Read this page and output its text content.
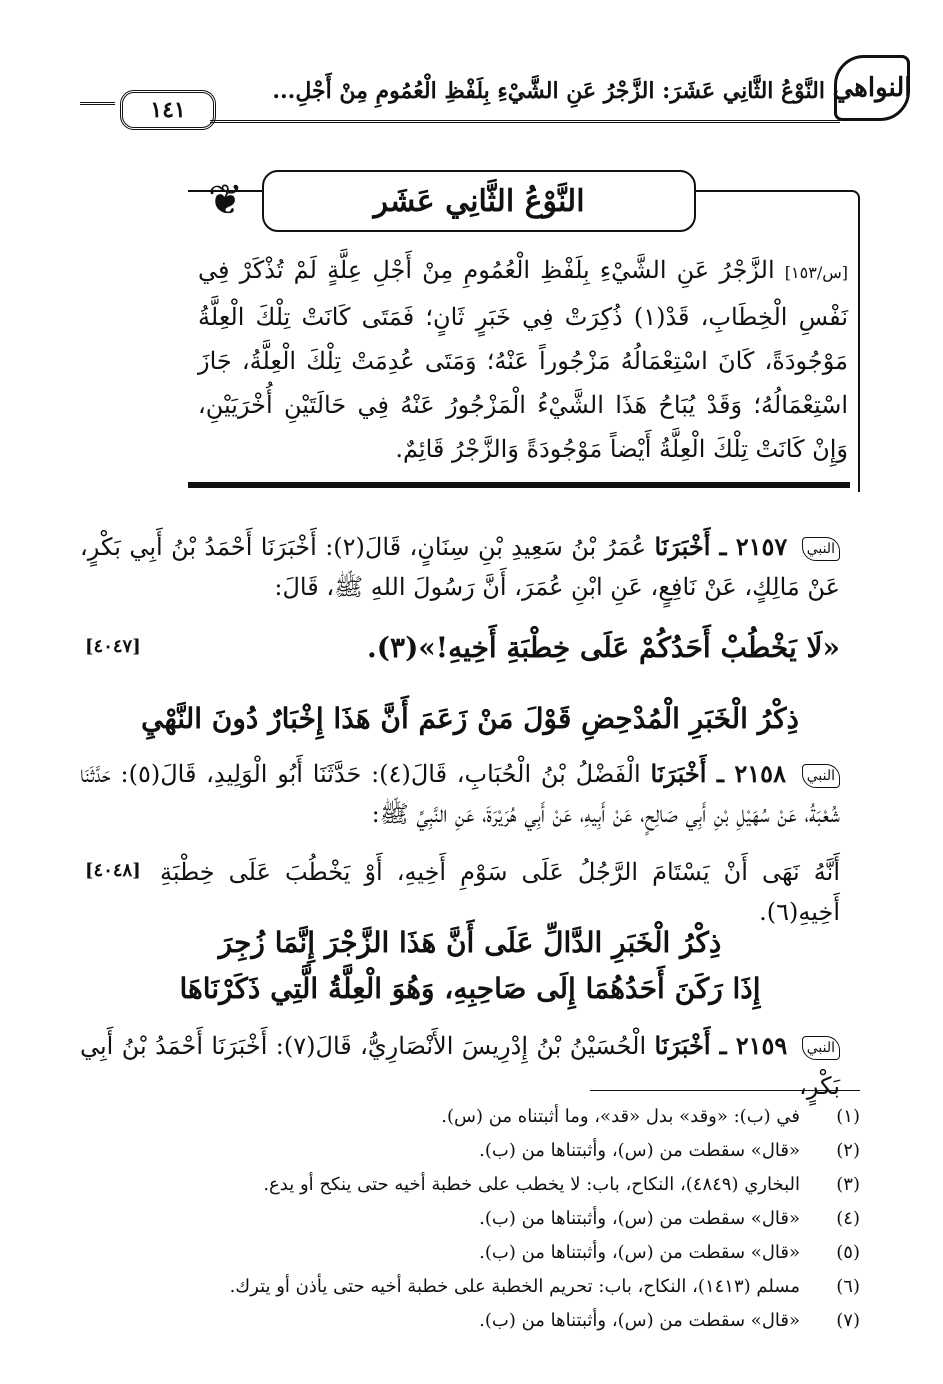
النواهي
النَّوْعُ الثَّانِي عَشَرَ: الزَّجْرُ عَنِ الشَّيْءِ بِلَفْظِ الْعُمُومِ مِنْ أَجْلِ...
١٤١
❦	النَّوْعُ الثَّانِي عَشَر
[س/١٥٣] الزَّجْرُ عَنِ الشَّيْءِ بِلَفْظِ الْعُمُومِ مِنْ أَجْلِ عِلَّةٍ لَمْ تُذْكَرْ فِي نَفْسِ الْخِطَابِ، قَدْ(١) ذُكِرَتْ فِي خَبَرٍ ثَانٍ؛ فَمَتَى كَانَتْ تِلْكَ الْعِلَّةُ مَوْجُودَةً، كَانَ اسْتِعْمَالُهُ مَزْجُوراً عَنْهُ؛ وَمَتَى عُدِمَتْ تِلْكَ الْعِلَّةُ، جَازَ اسْتِعْمَالُهُ؛ وَقَدْ يُبَاحُ هَذَا الشَّيْءُ الْمَزْجُورُ عَنْهُ فِي حَالَتَيْنِ أُخْرَيَيْنِ، وَإِنْ كَانَتْ تِلْكَ الْعِلَّةُ أَيْضاً مَوْجُودَةً وَالزَّجْرُ قَائِمٌ.
النبي ٢١٥٧ ـ أَخْبَرَنَا عُمَرُ بْنُ سَعِيدِ بْنِ سِنَانٍ، قَالَ(٢): أَخْبَرَنَا أَحْمَدُ بْنُ أَبِي بَكْرٍ، عَنْ مَالِكٍ، عَنْ نَافِعٍ، عَنِ ابْنِ عُمَرَ، أَنَّ رَسُولَ اللهِ ﷺ، قَالَ:
«لَا يَخْطُبْ أَحَدُكُمْ عَلَى خِطْبَةِ أَخِيهِ!»(٣).
[٤٠٤٧]
ذِكْرُ الْخَبَرِ الْمُدْحِضِ قَوْلَ مَنْ زَعَمَ أَنَّ هَذَا إِخْبَارٌ دُونَ النَّهْيِ
النبي ٢١٥٨ ـ أَخْبَرَنَا الْفَضْلُ بْنُ الْحُبَابِ، قَالَ(٤): حَدَّثَنَا أَبُو الْوَلِيدِ، قَالَ(٥): حَدَّثَنَا شُعْبَةُ، عَنْ سُهَيْلِ بْنِ أَبِي صَالِحٍ، عَنْ أَبِيهِ، عَنْ أَبِي هُرَيْرَةَ، عَنِ النَّبِيِّ ﷺ:
أَنَّهُ نَهَى أَنْ يَسْتَامَ الرَّجُلُ عَلَى سَوْمِ أَخِيهِ، أَوْ يَخْطُبَ عَلَى خِطْبَةِ أَخِيهِ(٦).
[٤٠٤٨]
ذِكْرُ الْخَبَرِ الدَّالِّ عَلَى أَنَّ هَذَا الزَّجْرَ إِنَّمَا زُجِرَ
إِذَا رَكَنَ أَحَدُهُمَا إِلَى صَاحِبِهِ، وَهُوَ الْعِلَّةُ الَّتِي ذَكَرْنَاهَا
النبي ٢١٥٩ ـ أَخْبَرَنَا الْحُسَيْنُ بْنُ إِدْرِيسَ الأَنْصَارِيُّ، قَالَ(٧): أَخْبَرَنَا أَحْمَدُ بْنُ أَبِي بَكْرٍ،
(١)في (ب): «وقد» بدل «قد»، وما أثبتناه من (س).
(٢)«قال» سقطت من (س)، وأثبتناها من (ب).
(٣)البخاري (٤٨٤٩)، النكاح، باب: لا يخطب على خطبة أخيه حتى ينكح أو يدع.
(٤)«قال» سقطت من (س)، وأثبتناها من (ب).
(٥)«قال» سقطت من (س)، وأثبتناها من (ب).
(٦)مسلم (١٤١٣)، النكاح، باب: تحريم الخطبة على خطبة أخيه حتى يأذن أو يترك.
(٧)«قال» سقطت من (س)، وأثبتناها من (ب).
